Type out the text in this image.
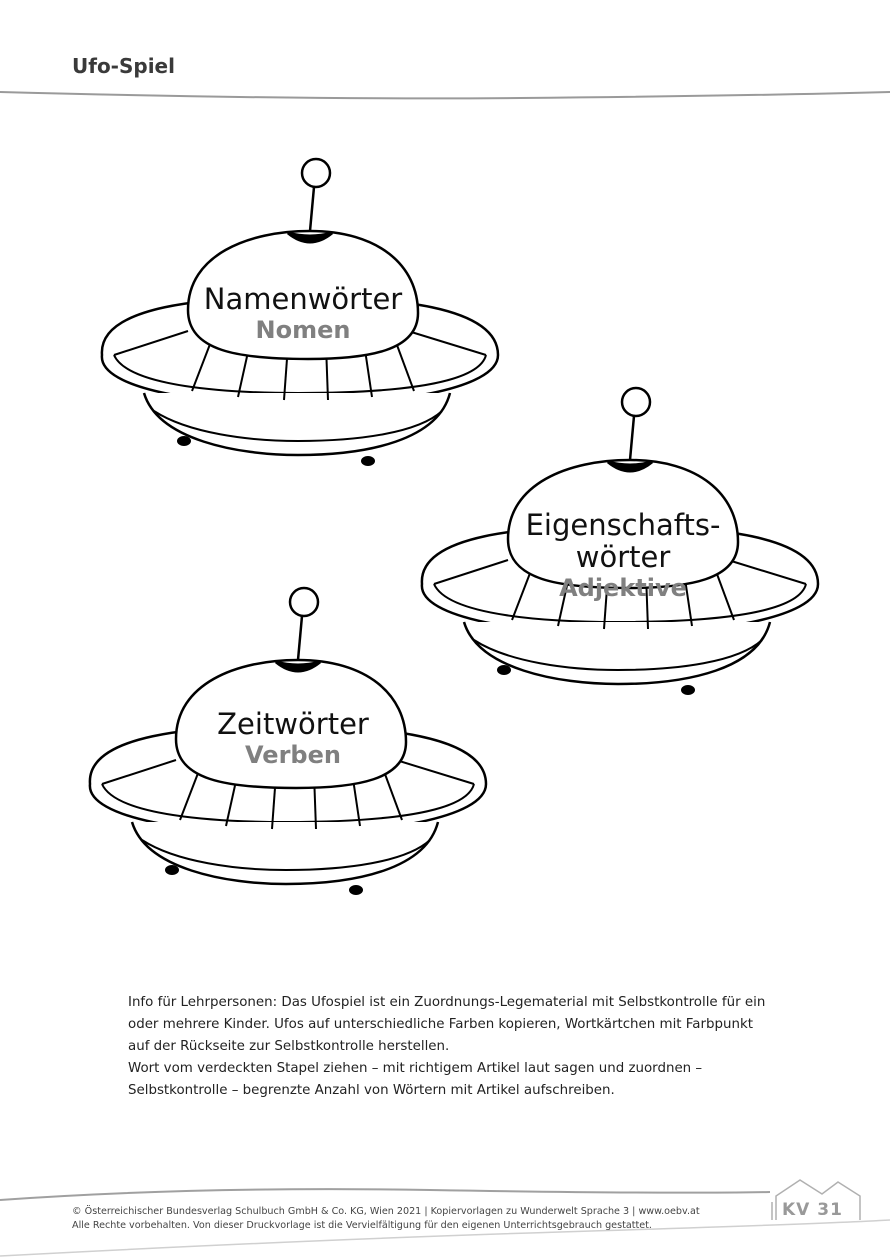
Ufo-Spiel
Namenwörter
Nomen
Eigenschafts-
wörter
Adjektive
Zeitwörter
Verben

Info für Lehrpersonen: Das Ufospiel ist ein Zuordnungs-Legematerial mit Selbstkontrolle für ein

oder mehrere Kinder. Ufos auf unterschiedliche Farben kopieren, Wortkärtchen mit Farbpunkt

auf der Rückseite zur Selbstkontrolle herstellen.

Wort vom verdeckten Stapel ziehen – mit richtigem Artikel laut sagen und zuordnen –

Selbstkontrolle – begrenzte Anzahl von Wörtern mit Artikel aufschreiben.

© Österreichischer Bundesverlag Schulbuch GmbH & Co. KG, Wien 2021 | Kopiervorlagen zu Wunderwelt Sprache 3 | www.oebv.at

Alle Rechte vorbehalten. Von dieser Druckvorlage ist die Vervielfältigung für den eigenen Unterrichtsgebrauch gestattet.

KV 31
